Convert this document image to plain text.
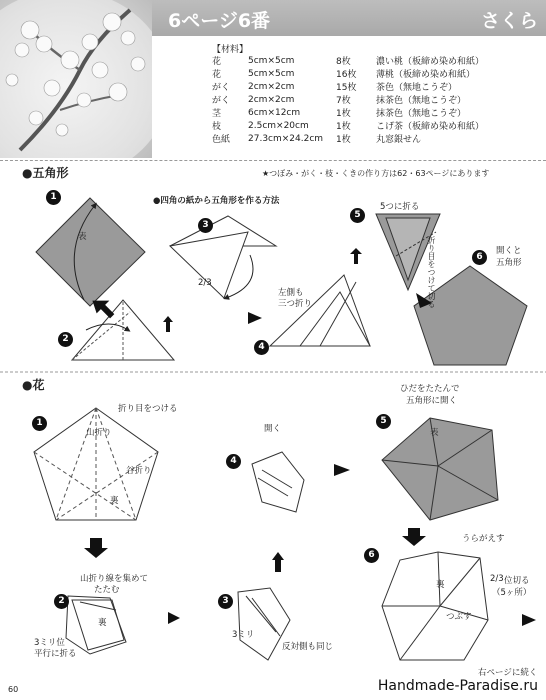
6ページ6番	さくら
【材料】
花	5cm×5cm	8枚	濃い桃（板締め染め和紙）
花	5cm×5cm	16枚	薄桃（板締め染め和紙）
がく	2cm×2cm	15枚	茶色（無地こうぞ）
がく	2cm×2cm	7枚	抹茶色（無地こうぞ）
茎	6cm×12cm	1枚	抹茶色（無地こうぞ）
枝	2.5cm×20cm	1枚	こげ茶（板締め染め和紙）
色紙	27.3cm×24.2cm	1枚	丸窓銀せん
●五角形	★つぼみ・がく・枝・くきの作り方は62・63ページにあります
●四角の紙から五角形を作る方法
1
2
3
4
5
6
表
2/3
左側も
三つ折り
5つに折る
折り目をつけて切る	開くと
五角形
●花
1
2	3
4
5
6
折り目をつける
山折り
谷折り
裏
開く
山折り線を集めて
たたむ
裏
3ミリ位
平行に折る
3ミリ
反対側も同じ
ひだをたたんで
五角形に開く
表
うらがえす
2/3 位切る
（5ヶ所）
つぶす
裏
右ページに続く
60	Handmade-Paradise.ru
